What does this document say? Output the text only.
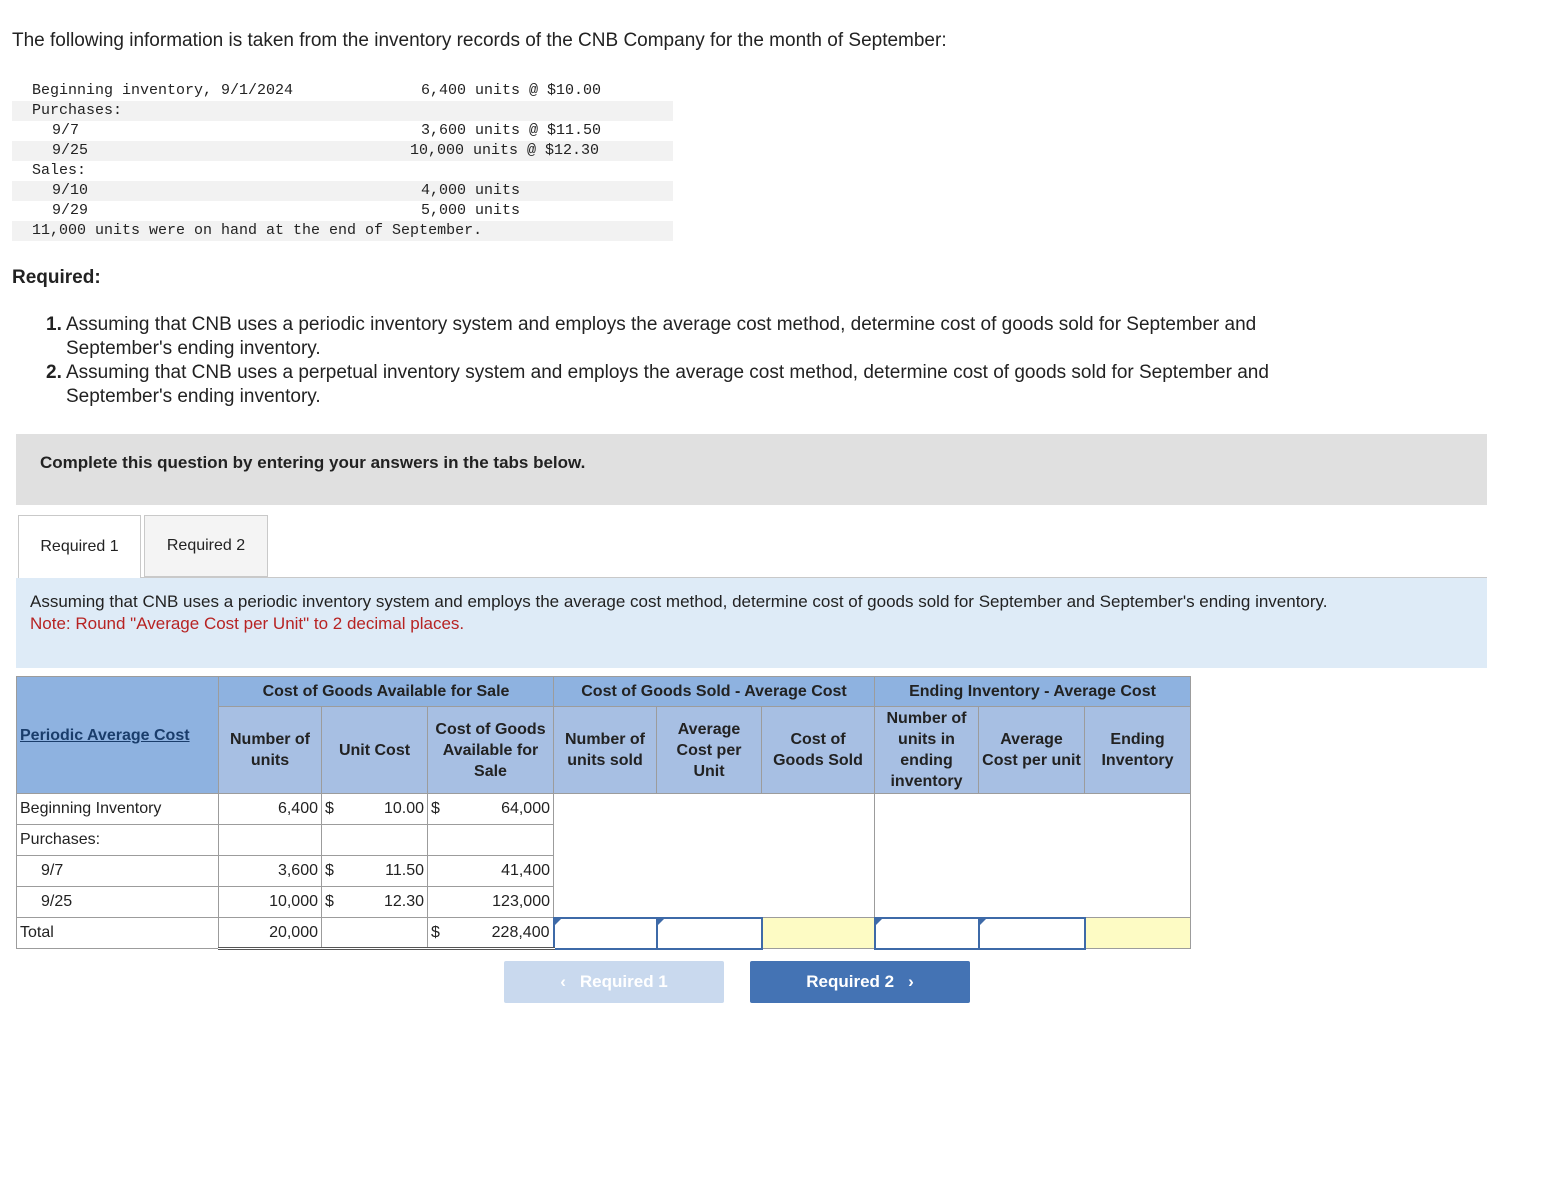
The following information is taken from the inventory records of the CNB Company for the month of September:
Beginning inventory, 9/1/2024	6,400 units @ $10.00
Purchases:
9/7	3,600 units @ $11.50
9/25	10,000 units @ $12.30
Sales:
9/10	4,000 units
9/29	5,000 units
11,000 units were on hand at the end of September.
Required:
1. Assuming that CNB uses a periodic inventory system and employs the average cost method, determine cost of goods sold for September and September's ending inventory.
2. Assuming that CNB uses a perpetual inventory system and employs the average cost method, determine cost of goods sold for September and September's ending inventory.
Complete this question by entering your answers in the tabs below.
Required 1	Required 2
Assuming that CNB uses a periodic inventory system and employs the average cost method, determine cost of goods sold for September and September's ending inventory.
Note: Round "Average Cost per Unit" to 2 decimal places.
Periodic Average Cost	Cost of Goods Available for Sale			Cost of Goods Sold - Average Cost			Ending Inventory - Average Cost		
	Number of units	Unit Cost	Cost of Goods Available for Sale	Number of units sold	Average Cost per Unit	Cost of Goods Sold	Number of units in ending inventory	Average Cost per unit	Ending Inventory
Beginning Inventory	6,400	$ 10.00	$ 64,000						

Purchases:									
9/7	3,600	$ 11.50	41,400						
9/25	10,000	$ 12.30	123,000						
Total	20,000		$ 228,400						

‹ Required 1	Required 2 ›
